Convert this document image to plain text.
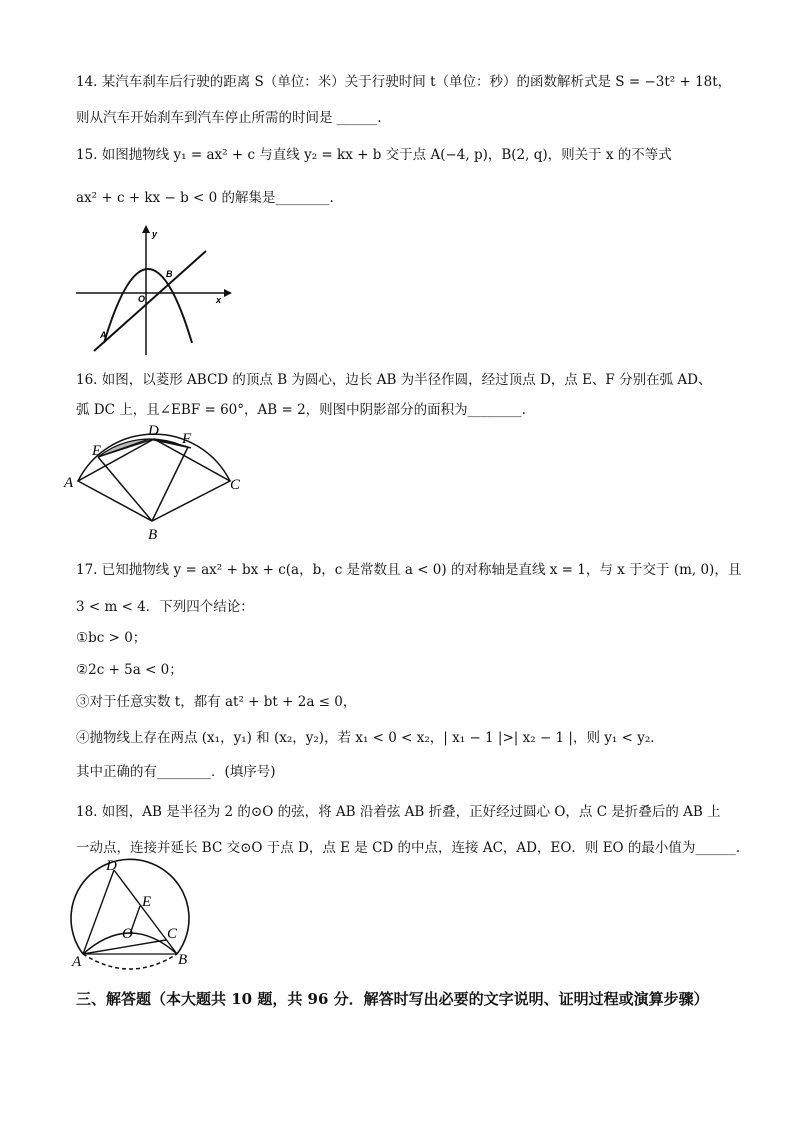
14. 某汽车刹车后行驶的距离 S（单位：米）关于行驶时间 t（单位：秒）的函数解析式是 S = −3t² + 18t，
则从汽车开始刹车到汽车停止所需的时间是 ______.
15. 如图抛物线 y₁ = ax² + c 与直线 y₂ = kx + b 交于点 A(−4, p)，B(2, q)，则关于 x 的不等式
ax² + c + kx − b < 0 的解集是________.
y
x
O
A
B
16. 如图，以菱形 ABCD 的顶点 B 为圆心，边长 AB 为半径作圆，经过顶点 D，点 E、F 分别在弧 AD、
弧 DC 上，且∠EBF = 60°，AB = 2，则图中阴影部分的面积为________.
A
B
C
D
E
F
17. 已知抛物线 y = ax² + bx + c(a，b，c 是常数且 a < 0) 的对称轴是直线 x = 1，与 x 于交于 (m, 0)，且
3 < m < 4．下列四个结论：
①bc > 0；
②2c + 5a < 0；
③对于任意实数 t，都有 at² + bt + 2a ≤ 0，
④抛物线上存在两点 (x₁，y₁) 和 (x₂，y₂)，若 x₁ < 0 < x₂，| x₁ − 1 |>| x₂ − 1 |，则 y₁ < y₂．
其中正确的有________．(填序号)
18. 如图，AB 是半径为 2 的⊙O 的弦，将 AB 沿着弦 AB 折叠，正好经过圆心 O，点 C 是折叠后的 AB 上
一动点，连接并延长 BC 交⊙O 于点 D，点 E 是 CD 的中点，连接 AC，AD，EO．则 EO 的最小值为______.
D
E
O C
A	B
三、解答题（本大题共 10 题，共 96 分．解答时写出必要的文字说明、证明过程或演算步骤）
